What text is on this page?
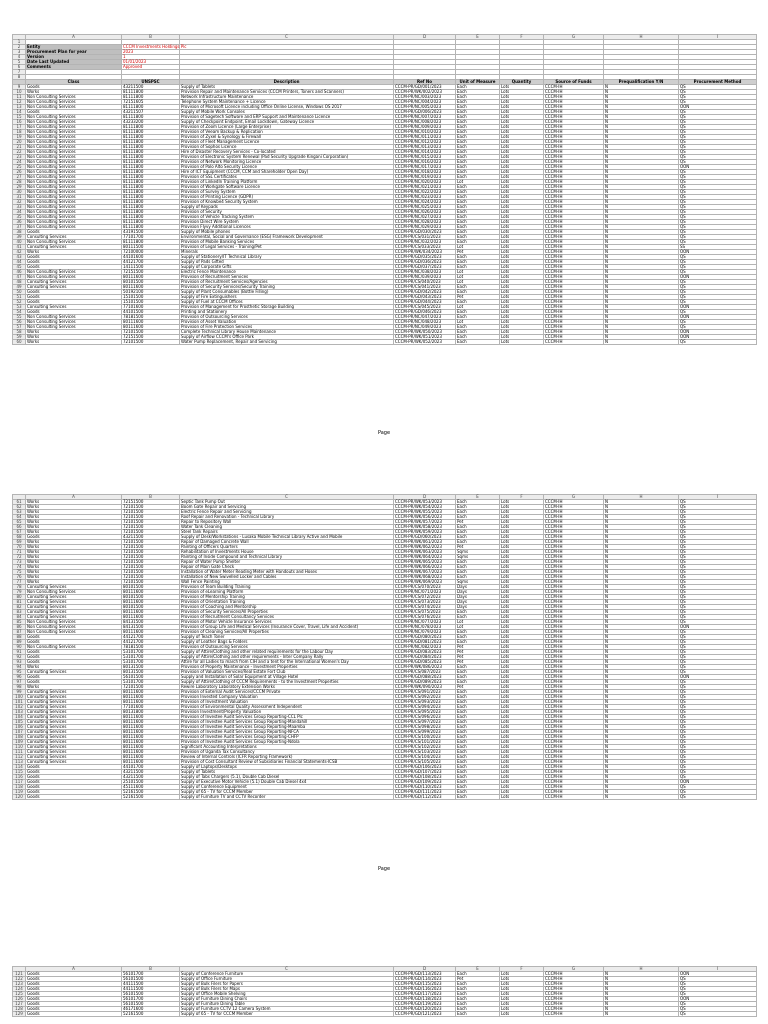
	A	B	C	D	E	F	G	H	I
1									
2	Entity	CCCM Investments Holdings Plc							
3	Procurement Plan for year	2023							
4	Version	1							
5	Date Last Updated	01/01/2023							
6	Comments	Approved							
7									
8									
	Class	UNSPSC	Description	Ref No	Unit of Measure	Quantity	Source of Funds	Prequalification Y/N	Procurement Method
9	Goods	43211500	Supply of Tablets	CCCM-PR/GD/001/2023	Each	Lots	CCCM-IH	N	QS
10	Works	81111800	Provision Repair and Maintenance Services (CCCM Printers, Toners and Scanners)	CCCM-PR/WK/002/2023	Each	Lots	CCCM-IH	N	QS
11	Non Consulting Services	81111800	Network Infrastructure Maintenance	CCCM-PR/NC/003/2023	Each	Lots	CCCM-IH	N	QS
12	Non Consulting Services	72151605	Telephone System Maintenance + Licence	CCCM-PR/NC/004/2023	Each	Lots	CCCM-IH	N	QS
13	Non Consulting Services	81111800	Provision of Microsoft Licence including Office Online License, Windows OS 2017	CCCM-PR/NC/005/2023	Each	Lots	CCCM-IH	N	OON
14	Goods	43211507	Supply of Mobile Work Consoles	CCCM-PR/GD/006/2023	Each	Lots	CCCM-IH	N	QS
15	Non Consulting Services	81111800	Provision of Sagetech Software and ERP Support and Maintenance Licence	CCCM-PR/NC/007/2023	Each	Lots	CCCM-IH	N	QS
16	Non Consulting Services	43233200	Supply of Checkpoint Endpoint, Email Lockdown, Gateway Licence	CCCM-PR/NC/008/2023	Each	Lots	CCCM-IH	N	QS
17	Non Consulting Services	81111800	Provision of Zoom Licence (Large Enterprise)	CCCM-PR/NC/009/2023	Each	Lots	CCCM-IH	N	QS
18	Non Consulting Services	81111800	Provision of Veeam Backup & Replication	CCCM-PR/NC/010/2023	Each	Lots	CCCM-IH	N	QS
19	Non Consulting Services	81111800	Provision of Zyxel & Synology & Firewall	CCCM-PR/NC/011/2023	Each	Lots	CCCM-IH	N	QS
20	Non Consulting Services	81111800	Provision of Fleet Management Licence	CCCM-PR/NC/012/2023	Each	Lots	CCCM-IH	N	QS
21	Non Consulting Services	81111800	Provision of Sophos Licence	CCCM-PR/NC/013/2023	Each	Lots	CCCM-IH	N	QS
22	Non Consulting Services	81111800	Hire of Disaster Recovery Services - Co-located	CCCM-PR/NC/014/2023	Each	Lots	CCCM-IH	N	QS
23	Non Consulting Services	81111800	Provision of Electronic System Renewal (Pad Security Upgrade Kingani Corporation)	CCCM-PR/NC/015/2023	Each	Lots	CCCM-IH	N	QS
24	Non Consulting Services	81111800	Provision of Network Monitoring Licence	CCCM-PR/NC/016/2023	Each	Lots	CCCM-IH	N	QS
25	Non Consulting Services	81111800	Provision of Palo Alto Security Licence	CCCM-PR/NC/017/2023	Each	Lots	CCCM-IH	N	OON
26	Non Consulting Services	81111800	Hire of ICT Equipment (CCCM, CCM and Shareholder Open Day)	CCCM-PR/NC/018/2023	Each	Lots	CCCM-IH	N	QS
27	Non Consulting Services	81111800	Provision of SSL Certificates	CCCM-PR/NC/019/2023	Each	Lots	CCCM-IH	N	QS
28	Non Consulting Services	81111800	Provision of LinkedIn Training Platform	CCCM-PR/NC/020/2023	Lot	Lots	CCCM-IH	N	QS
29	Non Consulting Services	81111800	Provision of Workgate Software Licence	CCCM-PR/NC/021/2023	Each	Lots	CCCM-IH	N	QS
30	Non Consulting Services	81111800	Provision of Survey System	CCCM-PR/NC/022/2023	Each	Lots	CCCM-IH	N	QS
31	Non Consulting Services	81111800	Provision of Printing Licence (GDPR)	CCCM-PR/NC/023/2023	Each	Lots	CCCM-IH	N	QS
32	Non Consulting Services	81111800	Provision of Knowbe4 Security System	CCCM-PR/NC/024/2023	Each	Lots	CCCM-IH	N	QS
33	Non Consulting Services	81111800	Supply of Keypads	CCCM-PR/NC/025/2023	Each	Lots	CCCM-IH	N	QS
34	Non Consulting Services	81111800	Provision of Security	CCCM-PR/NC/026/2023	Each	Lots	CCCM-IH	N	QS
35	Non Consulting Services	81111800	Provision of Vehicle Tracking System	CCCM-PR/NC/027/2023	Each	Lots	CCCM-IH	N	QS
36	Non Consulting Services	81111800	Provision Direct Wire System	CCCM-PR/NC/028/2023	Each	Lots	CCCM-IH	N	QS
37	Non Consulting Services	81111800	Provision Flyvy Additional Licences	CCCM-PR/NC/029/2023	Each	Lots	CCCM-IH	N	QS
38	Goods	43191500	Supply of Mobile phones	CCCM-PR/GD/030/2023	Each	Lots	CCCM-IH	N	QS
39	Consulting Services	77101700	Environmental, Social and Governance (ESG) Framework Development	CCCM-PR/CS/031/2023	Each	Lots	CCCM-IH	N	QS
40	Non Consulting Services	81111800	Provision of Mobile Banking Services	CCCM-PR/NC/032/2023	Each	Lots	CCCM-IH	N	QS
41	Consulting Services	80111500	Provision of Legal Services - Training/Pet	CCCM-PR/CS/033/2023	Lot	Lots	CCCM-IH	N	SS
42	Works	72100000	Minerals	CCCM-PR/WK/034/2023	Pet	Lots	CCCM-IH	N	OON
43	Goods	44101600	Supply of Stationery/IT Technical Library	CCCM-PR/GD/035/2023	Each	Lots	CCCM-IH	N	QS
44	Goods	44121700	Supply of Pads Gifted	CCCM-PR/GD/036/2023	Each	Lots	CCCM-IH	N	QS
45	Goods	14111500	Supply of Corporate Gifts	CCCM-PR/GD/037/2023	Each	Lots	CCCM-IH	N	QS
46	Non Consulting Services	72151500	Electric Fence Maintenance	CCCM-PR/NC/038/2023	Lot	Lots	CCCM-IH	N	QS
47	Non Consulting Services	80111600	Provision of Recruitment Services	CCCM-PR/NC/039/2023	Lot	Lots	CCCM-IH	N	OON
48	Consulting Services	80101500	Provision of Recruitment Services/Agencies	CCCM-PR/CS/040/2023	Lot	Lots	CCCM-IH	N	QS
49	Consulting Services	80111600	Provision of Security Services/Security Training	CCCM-PR/CS/041/2023	Each	Lots	CCCM-IH	N	QS
50	Goods	50192100	Supply of Plant Consumables (Bottle Filling)	CCCM-PR/GD/042/2023	Each	Lots	CCCM-IH	N	QS
51	Goods	15101500	Supply of Fire Extinguishers	CCCM-PR/GD/043/2023	Pet	Lots	CCCM-IH	N	QS
52	Goods	15101500	Supply of Fuel at CCCM Offices	CCCM-PR/GD/044/2023	Each	Lots	CCCM-IH	N	QS
53	Consulting Services	77101600	Provision of Management for Prosthetic Storage Building	CCCM-PR/CS/045/2023	Lot	Lots	CCCM-IH	N	OON
54	Goods	44101500	Printing and Stationery	CCCM-PR/GD/046/2023	Each	Lots	CCCM-IH	N	QS
55	Non Consulting Services	78181500	Provision of Outsourcing Services	CCCM-PR/NC/047/2023	Each	Lots	CCCM-IH	N	OON
56	Non Consulting Services	80111600	Provision of Asset Valuation	CCCM-PR/NC/048/2023	Lot	Lots	CCCM-IH	N	QS
57	Non Consulting Services	80111600	Provision of Fire Protection Services	CCCM-PR/NC/049/2023	Each	Lots	CCCM-IH	N	QS
58	Works	72101500	Complete Technical Library House Maintenance	CCCM-PR/WK/050/2023	Each	Lots	CCCM-IH	N	OON
59	Works	72151500	Supply of Airflow CCCM's Office Park	CCCM-PR/WK/051/2023	Each	Lots	CCCM-IH	N	OON
60	Works	72101500	Water Pump Replacement, Repair and Servicing	CCCM-PR/WK/052/2023	Each	Lots	CCCM-IH	N	QS
Page
	A	B	C	D	E	F	G	H	I
61	Works	72151500	Septic Tank Pump Out	CCCM-PR/WK/053/2023	Each	Lots	CCCM-IH	N	QS
62	Works	72101500	Boom Gate Repair and Servicing	CCCM-PR/WK/054/2023	Each	Lots	CCCM-IH	N	QS
63	Works	72101500	Electric Fence Repair and Servicing	CCCM-PR/WK/055/2023	Each	Lots	CCCM-IH	N	QS
64	Works	72101500	Roof Repair and Renovation - Technical Library	CCCM-PR/WK/056/2023	Each	Lots	CCCM-IH	N	QS
65	Works	72101500	Repair to Repository Wall	CCCM-PR/WK/057/2023	Pet	Lots	CCCM-IH	N	QS
66	Works	72101500	Water Tank Cleaning	CCCM-PR/WK/058/2023	Each	Lots	CCCM-IH	N	QS
67	Works	72101500	Steel Tank Repairs	CCCM-PR/WK/059/2023	Each	Lots	CCCM-IH	N	QS
68	Goods	43211500	Supply of Desk/Workstations - Lusaka Mobile Technical Library Active and Mobile	CCCM-PR/GD/060/2023	Each	Lots	CCCM-IH	N	QS
69	Works	72101500	Repair of Damaged Concrete Wall	CCCM-PR/WK/061/2023	Each	Lots	CCCM-IH	N	QS
70	Works	72101500	Painting of Officers Quarters	CCCM-PR/WK/062/2023	Pet	Lots	CCCM-IH	N	QS
71	Works	72101500	Rehabilitation of Investments House	CCCM-PR/WK/063/2023	Sqms	Lots	CCCM-IH	N	QS
72	Works	72101500	Painting of Inside Compound and Technical Library	CCCM-PR/WK/064/2023	Sqms	Lots	CCCM-IH	N	QS
73	Works	72101500	Repair of Water Pump Shelter	CCCM-PR/WK/065/2023	Each	Lots	CCCM-IH	N	QS
74	Works	72101500	Repair of Main Gate Check	CCCM-PR/WK/066/2023	Each	Lots	CCCM-IH	N	QS
75	Works	72101500	Installation of Water Meter Reading Meter with Handouts and Hoses	CCCM-PR/WK/067/2023	Each	Lots	CCCM-IH	N	QS
76	Works	72101500	Installation of New Swivelled Locker and Cables	CCCM-PR/WK/068/2023	Each	Lots	CCCM-IH	N	QS
77	Works	72101500	Wall Fence Painting	CCCM-PR/WK/069/2023	Sqms	Lots	CCCM-IH	N	QS
78	Consulting Services	80101500	Provision of Team Building Training	CCCM-PR/CS/070/2023	Days	Lots	CCCM-IH	N	QS
79	Non Consulting Services	80111600	Provision of eLearning Platform	CCCM-PR/NC/071/2023	Days	Lots	CCCM-IH	N	QS
80	Consulting Services	80101500	Provision of Mentorship Training	CCCM-PR/CS/072/2023	Days	Lots	CCCM-IH	N	QS
81	Consulting Services	80111600	Provision of Orientation Training	CCCM-PR/CS/073/2023	Days	Lots	CCCM-IH	N	QS
82	Consulting Services	80101500	Provision of Coaching and Mentorship	CCCM-PR/CS/074/2023	Days	Lots	CCCM-IH	N	QS
83	Consulting Services	80111600	Provision of Security Services/All Properties	CCCM-PR/CS/075/2023	Each	Lots	CCCM-IH	N	QS
84	Consulting Services	80111600	Provision of Recruitment Consultancy Services	CCCM-PR/CS/076/2023	Each	Lots	CCCM-IH	N	QS
85	Non Consulting Services	84131500	Provision of Motor Vehicle Insurance Services	CCCM-PR/NC/077/2023	Lot	Lots	CCCM-IH	N	QS
86	Non Consulting Services	84131500	Provision of Group Life and Medical Services (Insurance Cover, Travel, Life and Accident)	CCCM-PR/NC/078/2023	Lot	Lots	CCCM-IH	N	OON
87	Non Consulting Services	80111600	Provision of Cleaning Services/All Properties	CCCM-PR/NC/079/2023	Each	Lots	CCCM-IH	N	QS
88	Goods	44121700	Supply of Teach Toner	CCCM-PR/GD/080/2023	Each	Lots	CCCM-IH	N	QS
89	Goods	44121700	Supply of Leather Bags & Folders	CCCM-PR/GD/081/2023	Each	Lots	CCCM-IH	N	QS
90	Non Consulting Services	78181500	Provision of Outsourcing Services	CCCM-PR/NC/082/2023	Pet	Lots	CCCM-IH	N	QS
91	Goods	53101700	Supply of Attire/Clothing and other related requirements for the Labour Day	CCCM-PR/GD/083/2023	Pet	Lots	CCCM-IH	N	QS
92	Goods	53101700	Supply of Attire/Clothing and other requirements - Inter Company Rally	CCCM-PR/GD/084/2023	Pet	Lots	CCCM-IH	N	QS
93	Goods	53101700	Attire for all Ladies to march from CIH and a tent for the International Women's Day	CCCM-PR/GD/085/2023	Pet	Lots	CCCM-IH	N	QS
94	Works	80131500	Provision of Property Maintenance - Investment Properties	CCCM-PR/WK/086/2023	Each	Lots	CCCM-IH	N	QS
95	Consulting Services	80131500	Provision of Valuation Services/Real Estate Fort Club	CCCM-PR/CS/087/2023	Each	Lots	CCCM-IH	N	QS
96	Goods	56101500	Supply and Installation of Solar Equipment at Village Hotel	CCCM-PR/GD/088/2023	Each	Lots	CCCM-IH	N	OON
97	Goods	53101700	Supply of Attire/Clothing of CCCM Requirements - to the Investment Properties	CCCM-PR/GD/089/2023	Each	Lots	CCCM-IH	N	QS
98	Works	72101500	Rewire Laboratory Laboratory Extension Works	CCCM-PR/WK/090/2023	Pet	Lots	CCCM-IH	N	QS
99	Consulting Services	80111600	Provision of External Audit Services/CCCM Private	CCCM-PR/CS/091/2023	Each	Lots	CCCM-IH	N	QS
100	Consulting Services	80111600	Provision Invested Company Valuation	CCCM-PR/CS/092/2023	Each	Lots	CCCM-IH	N	QS
101	Consulting Services	80111600	Provision of Investment Valuation	CCCM-PR/CS/093/2023	Each	Lots	CCCM-IH	N	QS
102	Consulting Services	77101600	Provision of Environmental Quality Assessment Independent	CCCM-PR/CS/094/2023	Each	Lots	CCCM-IH	N	QS
103	Consulting Services	80131800	Provision Investment/Property Valuation	CCCM-PR/CS/095/2023	Each	Lots	CCCM-IH	N	QS
104	Consulting Services	80111600	Provision of Investee Audit Services Group Reporting-CCL Plc	CCCM-PR/CS/096/2023	Each	Lots	CCCM-IH	N	QS
105	Consulting Services	80111600	Provision of Investee Audit Services Group Reporting-Mandahill	CCCM-PR/CS/097/2023	Each	Lots	CCCM-IH	N	QS
106	Consulting Services	80111600	Provision of Investee Audit Services Group Reporting-Maamba	CCCM-PR/CS/098/2023	Each	Lots	CCCM-IH	N	QS
107	Consulting Services	80111600	Provision of Investee Audit Services Group Reporting-NFCA	CCCM-PR/CS/099/2023	Each	Lots	CCCM-IH	N	QS
108	Consulting Services	80111600	Provision of Investee Audit Services Group Reporting-CHFP	CCCM-PR/CS/100/2023	Each	Lots	CCCM-IH	N	QS
109	Consulting Services	80111600	Provision of Investee Audit Services Group Reporting-Ndola	CCCM-PR/CS/101/2023	Each	Lots	CCCM-IH	N	QS
110	Consulting Services	80111600	Significant Accounting Interpretations	CCCM-PR/CS/102/2023	Each	Lots	CCCM-IH	N	QS
111	Consulting Services	80111600	Provision of Uganda Tax Consultancy	CCCM-PR/CS/103/2023	Each	Lots	CCCM-IH	N	QS
112	Consulting Services	80111600	Review of Internal Controls (ICFR Reporting Framework)	CCCM-PR/CS/104/2023	Each	Lots	CCCM-IH	N	QS
113	Consulting Services	80111600	Provision of Cost Consultant Review of Subsidiaries Financial Statements-ICSB	CCCM-PR/CS/105/2023	Each	Lots	CCCM-IH	N	QS
114	Goods	44101700	Supply of Laptops/Desktops	CCCM-PR/GD/106/2023	Each	Lots	CCCM-IH	N	QS
115	Goods	43211500	Supply of Tablets	CCCM-PR/GD/107/2023	Each	Lots	CCCM-IH	N	QS
116	Goods	43211500	Supply of Tabs Chargers (5.1), Double Cab Diesel	CCCM-PR/GD/108/2023	Each	Lots	CCCM-IH	N	QS
117	Goods	25101500	Supply of Executive Motor Vehicle (5.1) Double Cab Diesel 4x4	CCCM-PR/GD/109/2023	Each	Lots	CCCM-IH	N	OON
118	Goods	45111600	Supply of Conference Equipment	CCCM-PR/GD/110/2023	Each	Lots	CCCM-IH	N	QS
119	Goods	52161500	Supply of 65 - TV for CCCM Member	CCCM-PR/GD/111/2023	Each	Lots	CCCM-IH	N	QS
120	Goods	52161500	Supply of Furniture TV and CCTV Recorder	CCCM-PR/GD/112/2023	Each	Lots	CCCM-IH	N	QS
Page
	A	B	C	D	E	F	G	H	I
121	Goods	56101700	Supply of Conference Furniture	CCCM-PR/GD/113/2023	Each	Lots	CCCM-IH	N	OON
122	Goods	56101500	Supply of Office Furniture	CCCM-PR/GD/114/2023	Pet	Lots	CCCM-IH	N	QS
123	Goods	44111500	Supply of Bulk Filers for Papers	CCCM-PR/GD/115/2023	Each	Lots	CCCM-IH	N	QS
124	Goods	44111500	Supply of Bulk Filers for Maps	CCCM-PR/GD/116/2023	Each	Lots	CCCM-IH	N	QS
125	Goods	56101500	Supply of Office Mobile Shelving	CCCM-PR/GD/117/2023	Each	Lots	CCCM-IH	N	QS
126	Goods	56101700	Supply of Furniture Dining Chairs	CCCM-PR/GD/118/2023	Each	Lots	CCCM-IH	N	OON
127	Goods	56101500	Supply of Furniture Dining Table	CCCM-PR/GD/119/2023	Each	Lots	CCCM-IH	N	QS
128	Goods	46171600	Supply of Furniture CCTV 12 Camera System	CCCM-PR/GD/120/2023	Each	Lots	CCCM-IH	N	QS
129	Goods	52161500	Supply of 65 - TV for CCCM Member	CCCM-PR/GD/121/2023	Each	Lots	CCCM-IH	N	QS
